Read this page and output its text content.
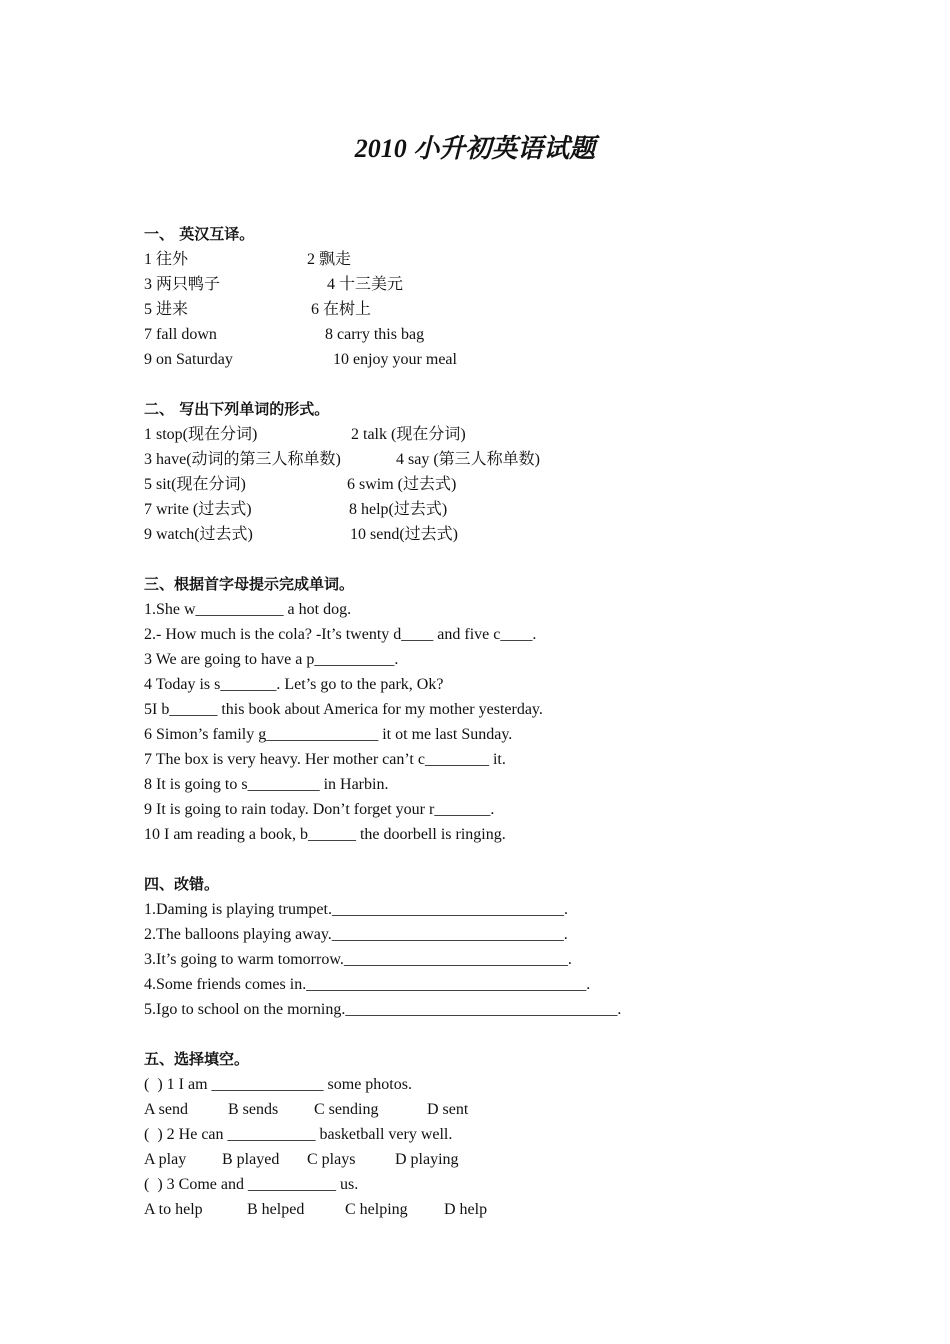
2010 小升初英语试题
一、 英汉互译。
1 往外	2 飘走
3 两只鸭子	4 十三美元
5 进来	6 在树上
7 fall down	8 carry this bag
9 on Saturday	10 enjoy your meal
二、 写出下列单词的形式。
1 stop(现在分词)	2 talk (现在分词)
3 have(动词的第三人称单数)	4 say (第三人称单数)
5 sit(现在分词)	6 swim (过去式)
7 write (过去式)	8 help(过去式)
9 watch(过去式)	10 send(过去式)
三、根据首字母提示完成单词。
1.She w___________ a hot dog.
2.- How much is the cola? -It’s twenty d____ and five c____.
3 We are going to have a p__________.
4 Today is s_______. Let’s go to the park, Ok?
5I b______ this book about America for my mother yesterday.
6 Simon’s family g______________ it ot me last Sunday.
7 The box is very heavy. Her mother can’t c________ it.
8 It is going to s_________ in Harbin.
9 It is going to rain today. Don’t forget your r_______.
10 I am reading a book, b______ the doorbell is ringing.
四、改错。
1.Daming is playing trumpet._____________________________.
2.The balloons playing away._____________________________.
3.It’s going to warm tomorrow.____________________________.
4.Some friends comes in.___________________________________.
5.Igo to school on the morning.__________________________________.
五、选择填空。
(  ) 1 I am ______________ some photos.
A send	B sends C sending	D sent
(  ) 2 He can ___________ basketball very well.
A play B played C plays D playing
(  ) 3 Come and ___________ us.
A to help	B helped	C helping D help
